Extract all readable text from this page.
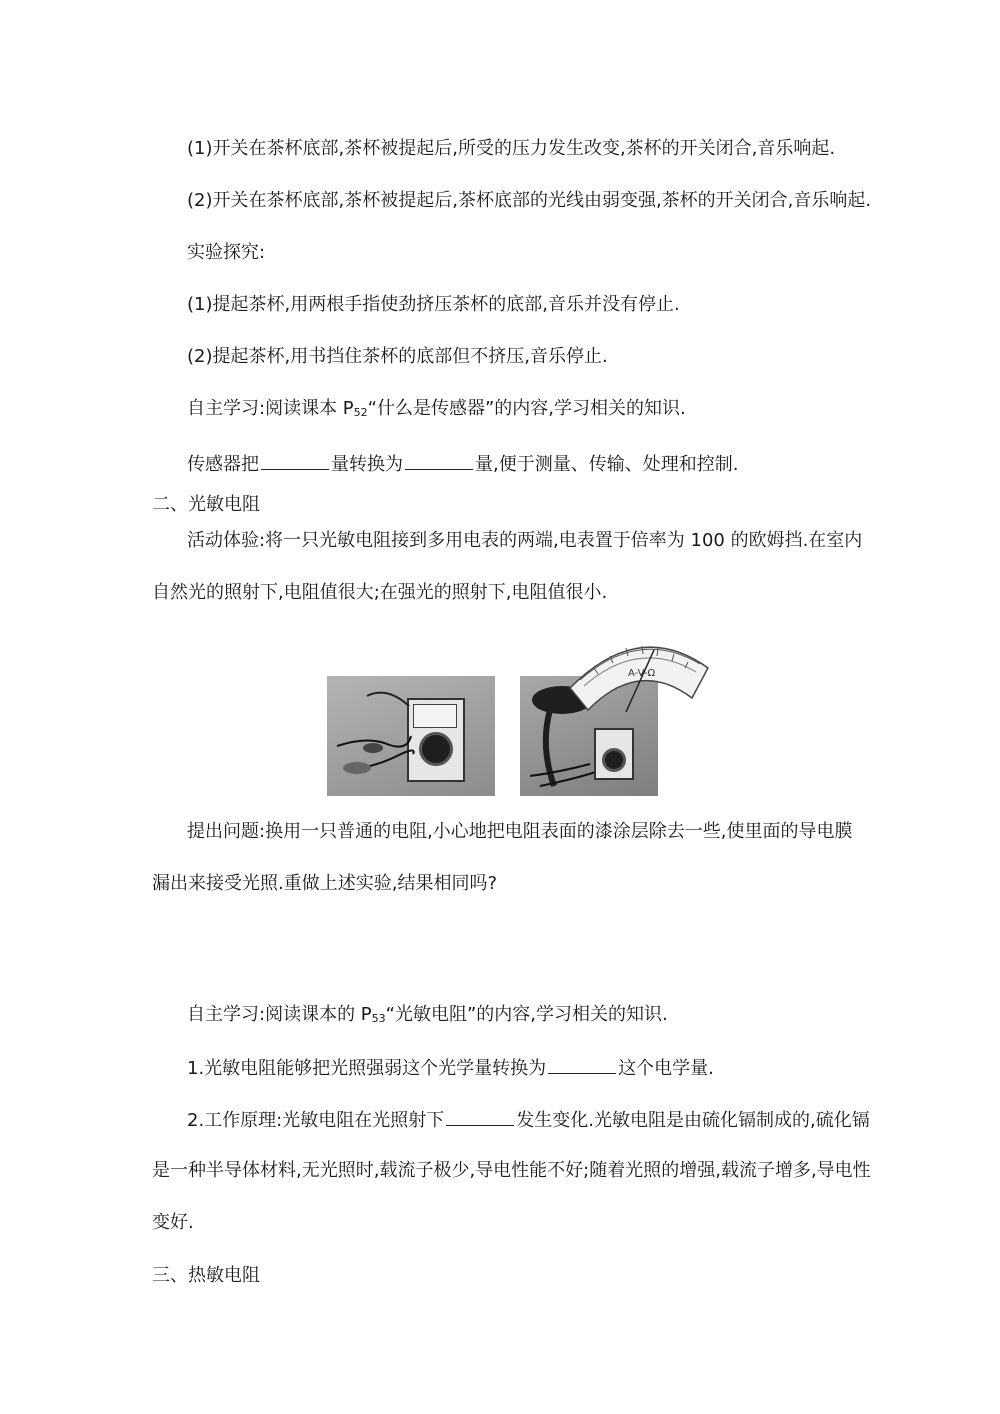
(1)开关在茶杯底部,茶杯被提起后,所受的压力发生改变,茶杯的开关闭合,音乐响起.
(2)开关在茶杯底部,茶杯被提起后,茶杯底部的光线由弱变强,茶杯的开关闭合,音乐响起.
实验探究:
(1)提起茶杯,用两根手指使劲挤压茶杯的底部,音乐并没有停止.
(2)提起茶杯,用书挡住茶杯的底部但不挤压,音乐停止.
自主学习:阅读课本 P52“什么是传感器”的内容,学习相关的知识.
传感器把	量转换为	量,便于测量、传输、处理和控制.
二、光敏电阻
活动体验:将一只光敏电阻接到多用电表的两端,电表置于倍率为 100 的欧姆挡.在室内
自然光的照射下,电阻值很大;在强光的照射下,电阻值很小.
A-V-Ω
提出问题:换用一只普通的电阻,小心地把电阻表面的漆涂层除去一些,使里面的导电膜
漏出来接受光照.重做上述实验,结果相同吗?
自主学习:阅读课本的 P53“光敏电阻”的内容,学习相关的知识.
1.光敏电阻能够把光照强弱这个光学量转换为	这个电学量.
2.工作原理:光敏电阻在光照射下	发生变化.光敏电阻是由硫化镉制成的,硫化镉
是一种半导体材料,无光照时,载流子极少,导电性能不好;随着光照的增强,载流子增多,导电性
变好.
三、热敏电阻
